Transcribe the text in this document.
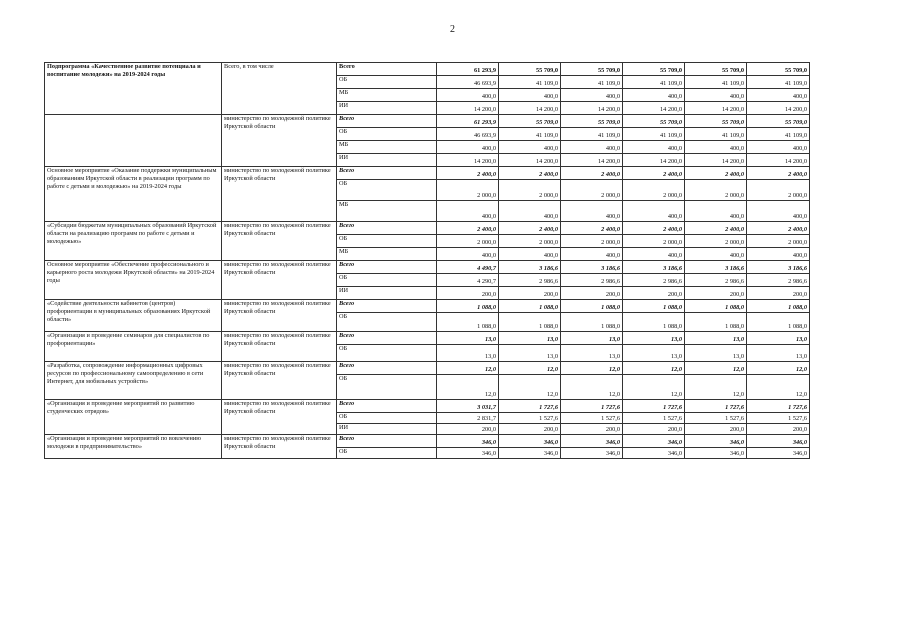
2
Подпрограмма «Качественное развитие потенциала и воспитание молодежи» на 2019-2024 годы	Всего, в том числе	Всего	61 293,9	55 709,0	55 709,0	55 709,0	55 709,0	55 709,0
		ОБ	46 693,9	41 109,0	41 109,0	41 109,0	41 109,0	41 109,0
		МБ	400,0	400,0	400,0	400,0	400,0	400,0
		ИИ	14 200,0	14 200,0	14 200,0	14 200,0	14 200,0	14 200,0
	министерство по молодежной политике Иркутской области	Всего	61 293,9	55 709,0	55 709,0	55 709,0	55 709,0	55 709,0
		ОБ	46 693,9	41 109,0	41 109,0	41 109,0	41 109,0	41 109,0
		МБ	400,0	400,0	400,0	400,0	400,0	400,0
		ИИ	14 200,0	14 200,0	14 200,0	14 200,0	14 200,0	14 200,0
Основное мероприятие «Оказание поддержки муниципальным образованиям Иркутской области в реализации программ по работе с детьми и молодежью» на 2019-2024 годы	министерство по молодежной политике Иркутской области	Всего	2 400,0	2 400,0	2 400,0	2 400,0	2 400,0	2 400,0
		ОБ	2 000,0	2 000,0	2 000,0	2 000,0	2 000,0	2 000,0
		МБ	400,0	400,0	400,0	400,0	400,0	400,0
«Субсидии бюджетам муниципальных образований Иркутской области на реализацию программ по работе с детьми и молодежью»	министерство по молодежной политике Иркутской области	Всего	2 400,0	2 400,0	2 400,0	2 400,0	2 400,0	2 400,0
		ОБ	2 000,0	2 000,0	2 000,0	2 000,0	2 000,0	2 000,0
		МБ	400,0	400,0	400,0	400,0	400,0	400,0
Основное мероприятие «Обеспечение профессионального и карьерного роста молодежи Иркутской области» на 2019-2024 годы	министерство по молодежной политике Иркутской области	Всего	4 490,7	3 186,6	3 186,6	3 186,6	3 186,6	3 186,6
		ОБ	4 290,7	2 986,6	2 986,6	2 986,6	2 986,6	2 986,6
		ИИ	200,0	200,0	200,0	200,0	200,0	200,0
«Содействие деятельности кабинетов (центров) профориентации в муниципальных образованиях Иркутской области»	министерство по молодежной политике Иркутской области	Всего	1 088,0	1 088,0	1 088,0	1 088,0	1 088,0	1 088,0
		ОБ	1 088,0	1 088,0	1 088,0	1 088,0	1 088,0	1 088,0
«Организация и проведение семинаров для специалистов по профориентации»	министерство по молодежной политике Иркутской области	Всего	13,0	13,0	13,0	13,0	13,0	13,0
		ОБ	13,0	13,0	13,0	13,0	13,0	13,0
«Разработка, сопровождение информационных цифровых ресурсов по профессиональному самоопределению в сети Интернет, для мобильных устройств»	министерство по молодежной политике Иркутской области	Всего	12,0	12,0	12,0	12,0	12,0	12,0
		ОБ	12,0	12,0	12,0	12,0	12,0	12,0
«Организация и проведение мероприятий по развитию студенческих отрядов»	министерство по молодежной политике Иркутской области	Всего	3 031,7	1 727,6	1 727,6	1 727,6	1 727,6	1 727,6
		ОБ	2 831,7	1 527,6	1 527,6	1 527,6	1 527,6	1 527,6
		ИИ	200,0	200,0	200,0	200,0	200,0	200,0
«Организация и проведение мероприятий по вовлечению молодежи в предпринимательство»	министерство по молодежной политике Иркутской области	Всего	346,0	346,0	346,0	346,0	346,0	346,0
		ОБ	346,0	346,0	346,0	346,0	346,0	346,0
